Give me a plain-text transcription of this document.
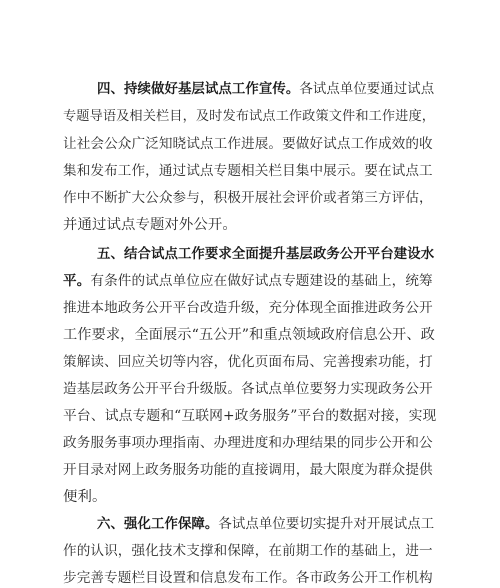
四、持续做好基层试点工作宣传。各试点单位要通过试点
专题导语及相关栏目，及时发布试点工作政策文件和工作进度，
让社会公众广泛知晓试点工作进展。要做好试点工作成效的收
集和发布工作，通过试点专题相关栏目集中展示。要在试点工
作中不断扩大公众参与，积极开展社会评价或者第三方评估，
并通过试点专题对外公开。
五、结合试点工作要求全面提升基层政务公开平台建设水
平。有条件的试点单位应在做好试点专题建设的基础上，统筹
推进本地政务公开平台改造升级，充分体现全面推进政务公开
工作要求，全面展示“五公开”和重点领域政府信息公开、政
策解读、回应关切等内容，优化页面布局、完善搜索功能，打
造基层政务公开平台升级版。各试点单位要努力实现政务公开
平台、试点专题和“互联网+政务服务”平台的数据对接，实现
政务服务事项办理指南、办理进度和办理结果的同步公开和公
开目录对网上政务服务功能的直接调用，最大限度为群众提供
便利。
六、强化工作保障。各试点单位要切实提升对开展试点工
作的认识，强化技术支撑和保障，在前期工作的基础上，进一
步完善专题栏目设置和信息发布工作。各市政务公开工作机构
